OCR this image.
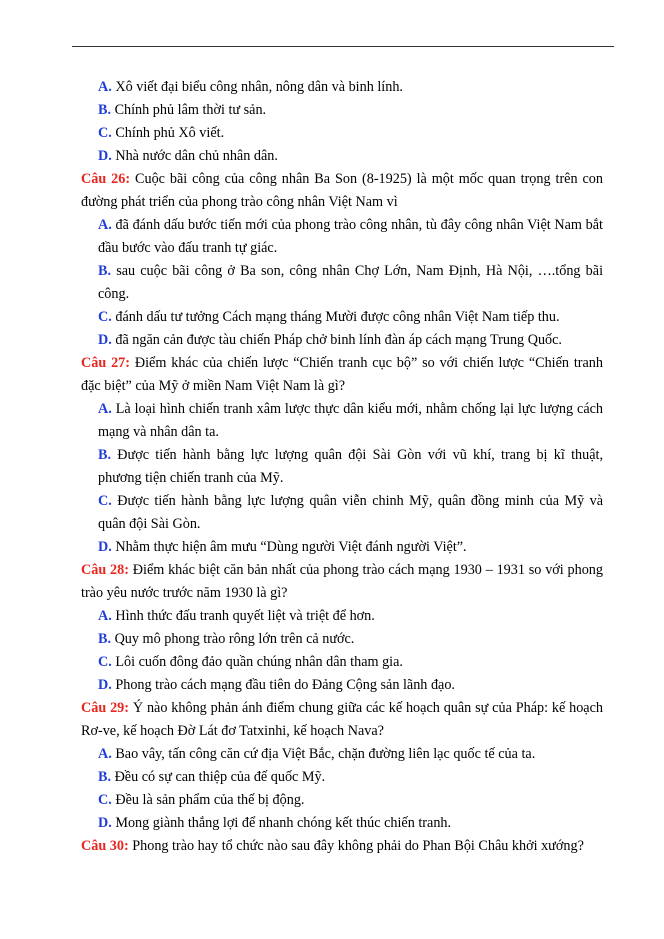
A. Xô viết đại biểu công nhân, nông dân và binh lính.
B. Chính phủ lâm thời tư sản.
C. Chính phủ Xô viết.
D. Nhà nước dân chủ nhân dân.
Câu 26: Cuộc bãi công của công nhân Ba Son (8-1925) là một mốc quan trọng trên con đường phát triển của phong trào công nhân Việt Nam vì
A. đã đánh dấu bước tiến mới của phong trào công nhân, tù đây công nhân Việt Nam bắt đầu bước vào đấu tranh tự giác.
B. sau cuộc bãi công ở Ba son, công nhân Chợ Lớn, Nam Định, Hà Nội, ….tổng bãi công.
C. đánh dấu tư tưởng Cách mạng tháng Mười được công nhân Việt Nam tiếp thu.
D. đã ngăn cản được tàu chiến Pháp chở binh lính đàn áp cách mạng Trung Quốc.
Câu 27: Điểm khác của chiến lược “Chiến tranh cục bộ” so với chiến lược “Chiến tranh đặc biệt” của Mỹ ở miền Nam Việt Nam là gì?
A. Là loại hình chiến tranh xâm lược thực dân kiểu mới, nhằm chống lại lực lượng cách mạng và nhân dân ta.
B. Được tiến hành bằng lực lượng quân đội Sài Gòn với vũ khí, trang bị kĩ thuật, phương tiện chiến tranh của Mỹ.
C. Được tiến hành bằng lực lượng quân viễn chinh Mỹ, quân đồng minh của Mỹ và quân đội Sài Gòn.
D. Nhằm thực hiện âm mưu “Dùng người Việt đánh người Việt”.
Câu 28: Điểm khác biệt căn bản nhất của phong trào cách mạng 1930 – 1931 so với phong trào yêu nước trước năm 1930 là gì?
A. Hình thức đấu tranh quyết liệt và triệt để hơn.
B. Quy mô phong trào rông lớn trên cả nước.
C. Lôi cuốn đông đảo quần chúng nhân dân tham gia.
D. Phong trào cách mạng đầu tiên do Đảng Cộng sản lãnh đạo.
Câu 29: Ý nào không phản ánh điểm chung giữa các kế hoạch quân sự của Pháp: kế hoạch Rơ-ve, kế hoạch Đờ Lát đơ Tatxinhi, kế hoạch Nava?
A. Bao vây, tấn công căn cứ địa Việt Bắc, chặn đường liên lạc quốc tế của ta.
B. Đều có sự can thiệp của đế quốc Mỹ.
C. Đều là sản phẩm của thế bị động.
D. Mong giành thắng lợi để nhanh chóng kết thúc chiến tranh.
Câu 30: Phong trào hay tổ chức nào sau đây không phải do Phan Bội Châu khởi xướng?
